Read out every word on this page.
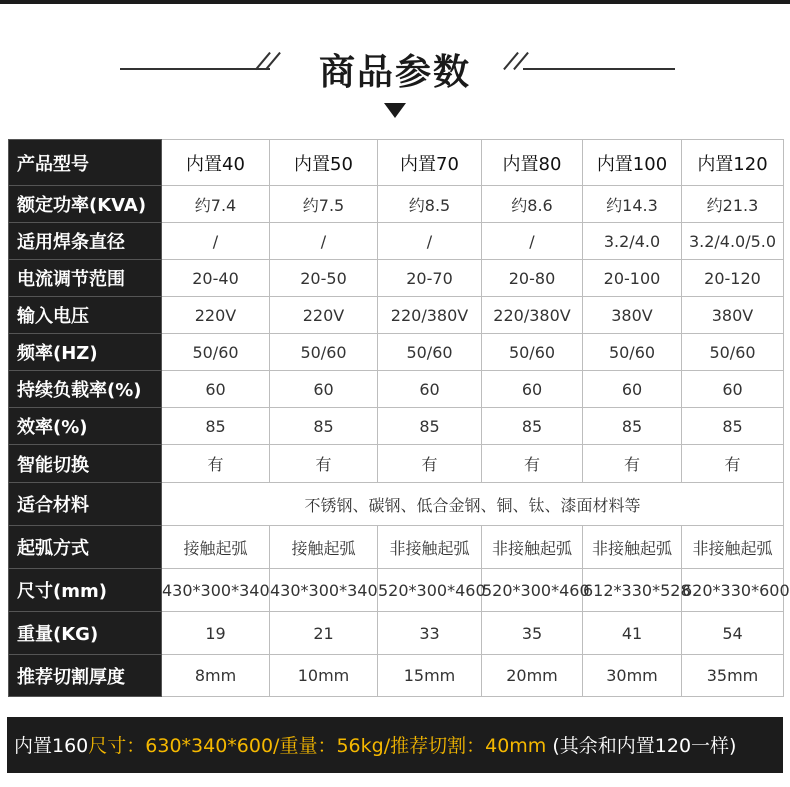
商品参数
产品型号	内置40	内置50	内置70	内置80	内置100	内置120
额定功率(KVA)	约7.4	约7.5	约8.5	约8.6	约14.3	约21.3
适用焊条直径	/	/	/	/	3.2/4.0	3.2/4.0/5.0
电流调节范围	20-40	20-50	20-70	20-80	20-100	20-120
输入电压	220V	220V	220/380V	220/380V	380V	380V
频率(HZ)	50/60	50/60	50/60	50/60	50/60	50/60
持续负载率(%)	60	60	60	60	60	60
效率(%)	85	85	85	85	85	85
智能切换	有	有	有	有	有	有
适合材料	不锈钢、碳钢、低合金钢、铜、钛、漆面材料等					
起弧方式	接触起弧	接触起弧	非接触起弧	非接触起弧	非接触起弧	非接触起弧
尺寸(mm)	430*300*340	430*300*340	520*300*460	520*300*460	612*330*528	620*330*600
重量(KG)	19	21	33	35	41	54
推荐切割厚度	8mm	10mm	15mm	20mm	30mm	35mm
内置160尺寸：630*340*600/重量：56kg/推荐切割：40mm (其余和内置120一样)
